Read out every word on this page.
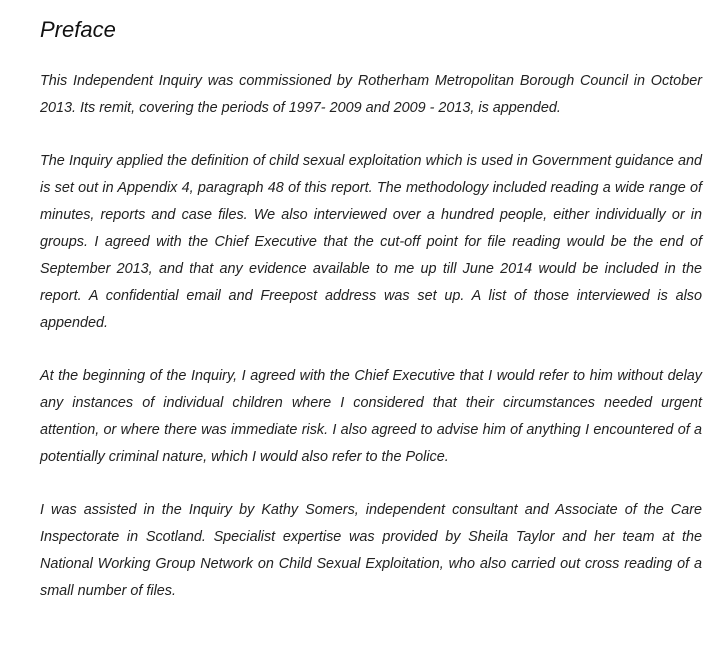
Preface

This Independent Inquiry was commissioned by Rotherham Metropolitan Borough Council in October 2013. Its remit, covering the periods of 1997- 2009 and 2009 - 2013, is appended.

The Inquiry applied the definition of child sexual exploitation which is used in Government guidance and is set out in Appendix 4, paragraph 48 of this report. The methodology included reading a wide range of minutes, reports and case files. We also interviewed over a hundred people, either individually or in groups. I agreed with the Chief Executive that the cut-off point for file reading would be the end of September 2013, and that any evidence available to me up till June 2014 would be included in the report. A confidential email and Freepost address was set up. A list of those interviewed is also appended.

At the beginning of the Inquiry, I agreed with the Chief Executive that I would refer to him without delay any instances of individual children where I considered that their circumstances needed urgent attention, or where there was immediate risk. I also agreed to advise him of anything I encountered of a potentially criminal nature, which I would also refer to the Police.

I was assisted in the Inquiry by Kathy Somers, independent consultant and Associate of the Care Inspectorate in Scotland. Specialist expertise was provided by Sheila Taylor and her team at the National Working Group Network on Child Sexual Exploitation, who also carried out cross reading of a small number of files.
